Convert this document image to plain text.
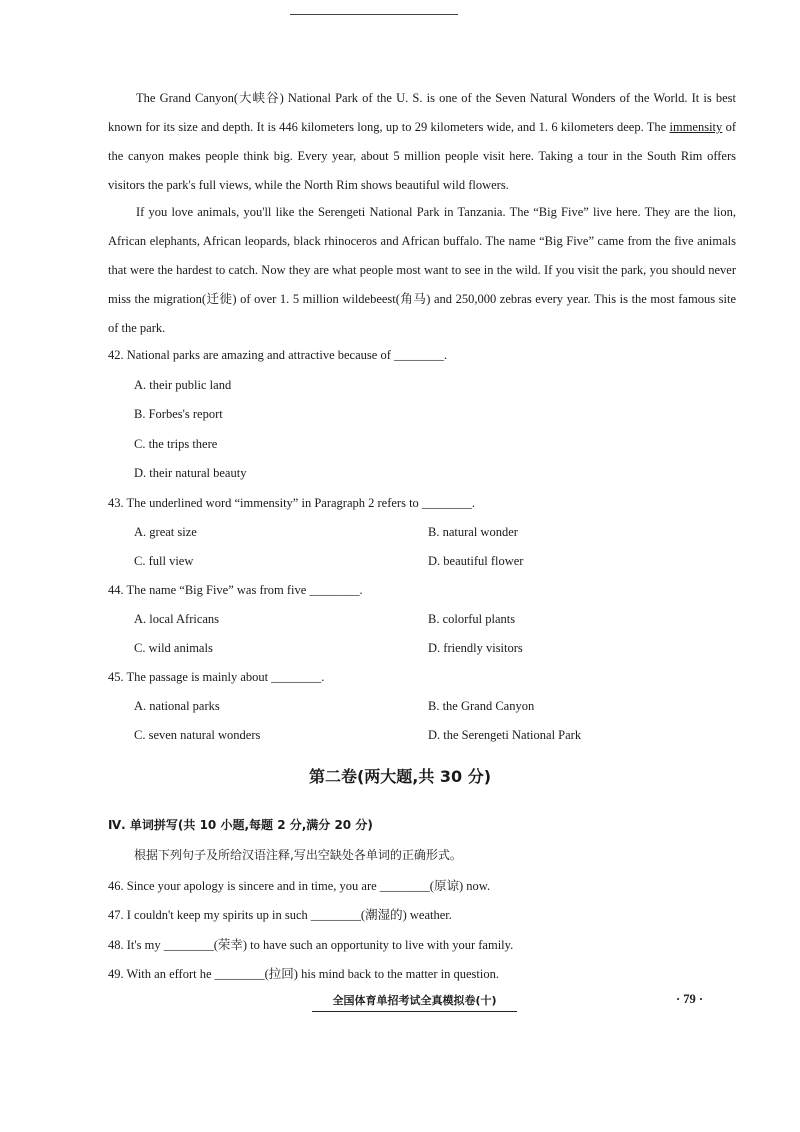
The Grand Canyon(大峡谷) National Park of the U. S. is one of the Seven Natural Wonders of the World. It is best known for its size and depth. It is 446 kilometers long, up to 29 kilometers wide, and 1. 6 kilometers deep. The immensity of the canyon makes people think big. Every year, about 5 million people visit here. Taking a tour in the South Rim offers visitors the park's full views, while the North Rim shows beautiful wild flowers.
If you love animals, you'll like the Serengeti National Park in Tanzania. The “Big Five” live here. They are the lion, African elephants, African leopards, black rhinoceros and African buffalo. The name “Big Five” came from the five animals that were the hardest to catch. Now they are what people most want to see in the wild. If you visit the park, you should never miss the migration(迁徙) of over 1. 5 million wildebeest(角马) and 250,000 zebras every year. This is the most famous site of the park.
42. National parks are amazing and attractive because of ________.
A. their public land
B. Forbes's report
C. the trips there
D. their natural beauty
43. The underlined word “immensity” in Paragraph 2 refers to ________.
A. great size	B. natural wonder
C. full view	D. beautiful flower
44. The name “Big Five” was from five ________.
A. local Africans	B. colorful plants
C. wild animals	D. friendly visitors
45. The passage is mainly about ________.
A. national parks	B. the Grand Canyon
C. seven natural wonders	D. the Serengeti National Park
第二卷(两大题,共 30 分)
Ⅳ. 单词拼写(共 10 小题,每题 2 分,满分 20 分)
根据下列句子及所给汉语注释,写出空缺处各单词的正确形式。
46. Since your apology is sincere and in time, you are ________(原谅) now.
47. I couldn't keep my spirits up in such ________(潮湿的) weather.
48. It's my ________(荣幸) to have such an opportunity to live with your family.
49. With an effort he ________(拉回) his mind back to the matter in question.
全国体育单招考试全真模拟卷(十)	· 79 ·
